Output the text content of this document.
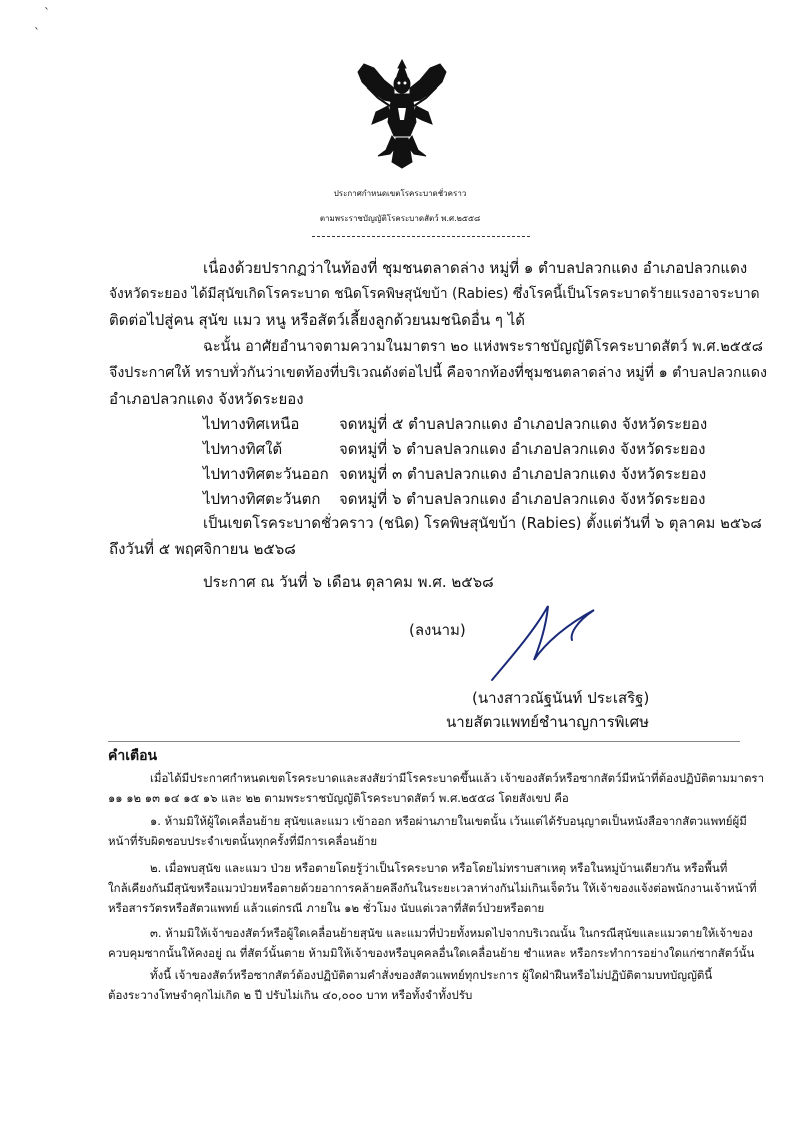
`
`
ประกาศกำหนดเขตโรคระบาดชั่วคราว
ตามพระราชบัญญัติโรคระบาดสัตว์ พ.ศ.๒๕๕๘
เนื่องด้วยปรากฏว่าในท้องที่ ชุมชนตลาดล่าง หมู่ที่ ๑ ตำบลปลวกแดง อำเภอปลวกแดง
จังหวัดระยอง ได้มีสุนัขเกิดโรคระบาด ชนิดโรคพิษสุนัขบ้า (Rabies) ซึ่งโรคนี้เป็นโรคระบาดร้ายแรงอาจระบาด
ติดต่อไปสู่คน สุนัข แมว หนู หรือสัตว์เลี้ยงลูกด้วยนมชนิดอื่น ๆ ได้
ฉะนั้น อาศัยอำนาจตามความในมาตรา ๒๐ แห่งพระราชบัญญัติโรคระบาดสัตว์ พ.ศ.๒๕๕๘
จึงประกาศให้ ทราบทั่วกันว่าเขตท้องที่บริเวณดังต่อไปนี้ คือจากท้องที่ชุมชนตลาดล่าง หมู่ที่ ๑ ตำบลปลวกแดง
อำเภอปลวกแดง จังหวัดระยอง
ไปทางทิศเหนือ	จดหมู่ที่ ๕ ตำบลปลวกแดง อำเภอปลวกแดง จังหวัดระยอง
ไปทางทิศใต้	จดหมู่ที่ ๖ ตำบลปลวกแดง อำเภอปลวกแดง จังหวัดระยอง
ไปทางทิศตะวันออก จดหมู่ที่ ๓ ตำบลปลวกแดง อำเภอปลวกแดง จังหวัดระยอง
ไปทางทิศตะวันตก จดหมู่ที่ ๖ ตำบลปลวกแดง อำเภอปลวกแดง จังหวัดระยอง
เป็นเขตโรคระบาดชั่วคราว (ชนิด) โรคพิษสุนัขบ้า (Rabies) ตั้งแต่วันที่ ๖ ตุลาคม ๒๕๖๘
ถึงวันที่ ๕ พฤศจิกายน ๒๕๖๘
ประกาศ ณ วันที่ ๖ เดือน ตุลาคม พ.ศ. ๒๕๖๘
(ลงนาม)
(นางสาวณัฐนันท์ ประเสริฐ)
นายสัตวแพทย์ชำนาญการพิเศษ
คำเตือน
เมื่อได้มีประกาศกำหนดเขตโรคระบาดและสงสัยว่ามีโรคระบาดขึ้นแล้ว เจ้าของสัตว์หรือซากสัตว์มีหน้าที่ต้องปฏิบัติตามมาตรา
๑๑ ๑๒ ๑๓ ๑๔ ๑๕ ๑๖ และ ๒๒ ตามพระราชบัญญัติโรคระบาดสัตว์ พ.ศ.๒๕๕๘ โดยสังเขป คือ
๑. ห้ามมิให้ผู้ใดเคลื่อนย้าย สุนัขและแมว เข้าออก หรือผ่านภายในเขตนั้น เว้นแต่ได้รับอนุญาตเป็นหนังสือจากสัตวแพทย์ผู้มี
หน้าที่รับผิดชอบประจำเขตนั้นทุกครั้งที่มีการเคลื่อนย้าย
๒. เมื่อพบสุนัข และแมว ป่วย หรือตายโดยรู้ว่าเป็นโรคระบาด หรือโดยไม่ทราบสาเหตุ หรือในหมู่บ้านเดียวกัน หรือพื้นที่
ใกล้เคียงกันมีสุนัขหรือแมวป่วยหรือตายด้วยอาการคล้ายคลึงกันในระยะเวลาห่างกันไม่เกินเจ็ดวัน ให้เจ้าของแจ้งต่อพนักงานเจ้าหน้าที่
หรือสารวัตรหรือสัตวแพทย์ แล้วแต่กรณี ภายใน ๑๒ ชั่วโมง นับแต่เวลาที่สัตว์ป่วยหรือตาย
๓. ห้ามมิให้เจ้าของสัตว์หรือผู้ใดเคลื่อนย้ายสุนัข และแมวที่ป่วยทั้งหมดไปจากบริเวณนั้น ในกรณีสุนัขและแมวตายให้เจ้าของ
ควบคุมซากนั้นให้คงอยู่ ณ ที่สัตว์นั้นตาย ห้ามมิให้เจ้าของหรือบุคคลอื่นใดเคลื่อนย้าย ชำแหละ หรือกระทำการอย่างใดแก่ซากสัตว์นั้น
ทั้งนี้ เจ้าของสัตว์หรือซากสัตว์ต้องปฏิบัติตามคำสั่งของสัตวแพทย์ทุกประการ ผู้ใดฝ่าฝืนหรือไม่ปฏิบัติตามบทบัญญัตินี้
ต้องระวางโทษจำคุกไม่เกิด ๒ ปี ปรับไม่เกิน ๔๐,๐๐๐ บาท หรือทั้งจำทั้งปรับ
